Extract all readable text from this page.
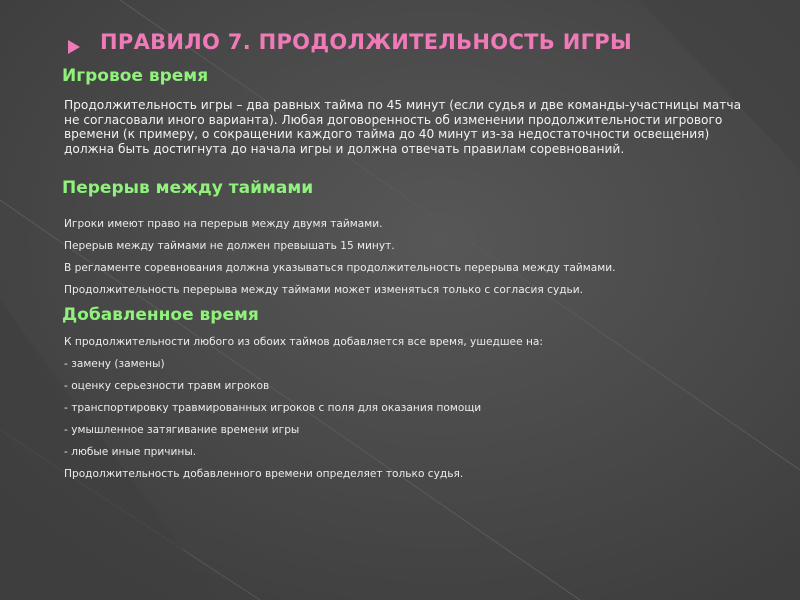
ПРАВИЛО 7. ПРОДОЛЖИТЕЛЬНОСТЬ ИГРЫ
Игровое время
Продолжительность игры – два равных тайма по 45 минут (если судья и две команды-участницы матча не согласовали иного варианта). Любая договоренность об изменении продолжительности игрового времени (к примеру, о сокращении каждого тайма до 40 минут из-за недостаточности освещения) должна быть достигнута до начала игры и должна отвечать правилам соревнований.
Перерыв между таймами
Игроки имеют право на перерыв между двумя таймами.
Перерыв между таймами не должен превышать 15 минут.
В регламенте соревнования должна указываться продолжительность перерыва между таймами.
Продолжительность перерыва между таймами может изменяться только с согласия судьи.
Добавленное время
К продолжительности любого из обоих таймов добавляется все время, ушедшее на:
- замену (замены)
- оценку серьезности травм игроков
- транспортировку травмированных игроков с поля для оказания помощи
- умышленное затягивание времени игры
- любые иные причины.
Продолжительность добавленного времени определяет только судья.
